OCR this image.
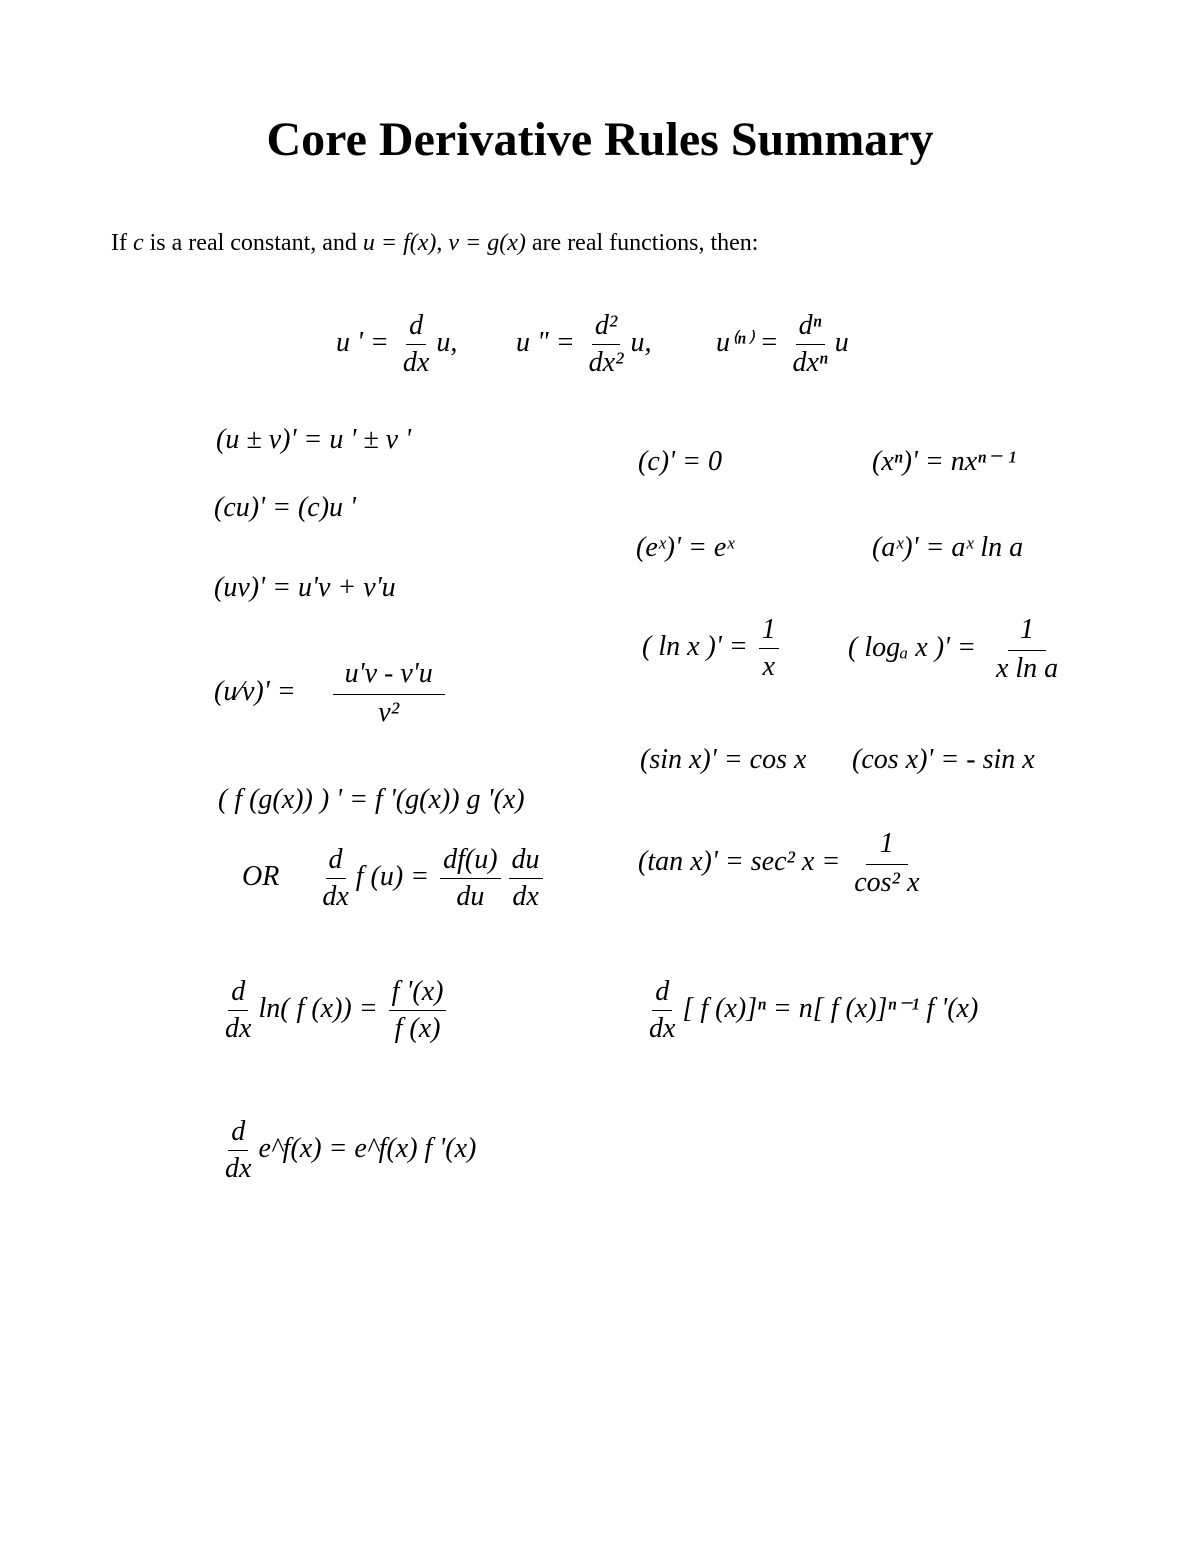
Core Derivative Rules Summary
If c is a real constant, and u = f(x), v = g(x) are real functions, then:
u ' = $\frac{d}{dx} u$, u " = $\frac{\text{d²}}{\text{dx²}} u$, $u^{(n)} = \frac{\text{dⁿ}}{\text{dxⁿ}}$ u
(u ± v)' = u ' ± v '
(cu)' = (c)u '
(uv)' = u'v + v'u
(u⁄v)' = $\frac{u'v - v'u}{\text{v²}}$
( f (g(x)) ) ' = f '(g(x)) g '(x)
OR $\frac{d}{dx}$ f $(u) = \frac{df(u)}{du} \frac{du}{dx}$
(c)' = 0	(xⁿ)' = nxⁿ⁻ ¹
(eˣ)' = eˣ	(aˣ)' = aˣ ln a
( ln x )' = $\frac{1}{x}$ ( logₐ x )' = $\frac{1}{\text{x ln a}}$
(sin x)' = cos x (cos x)' = - sin x
(tan x)' = sec² $x = \frac{1}{\text{cos² x}}$
$\frac{d}{dx} \ln$( f $(x)) = \frac{f '(x)}{f (x)}$	$\frac{d}{dx}$ [ f (x)]ⁿ = n[ f (x)]ⁿ⁻¹ f '(x)
$\frac{d}{dx}$ e^f(x) = e^f(x) f '(x)
